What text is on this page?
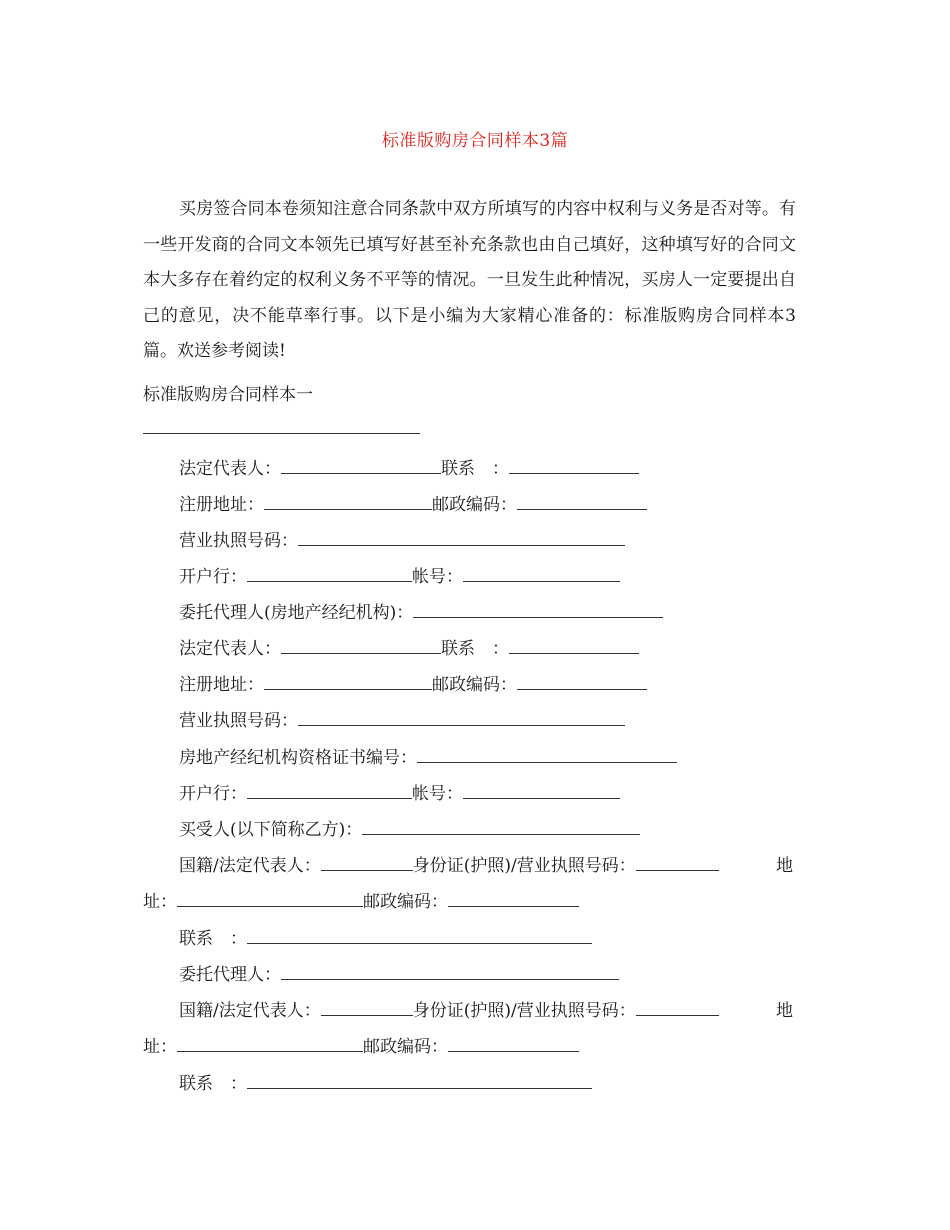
标准版购房合同样本3篇

买房签合同本卷须知注意合同条款中双方所填写的内容中权利与义务是否对等。有一些开发商的合同文本领先已填写好甚至补充条款也由自己填好，这种填写好的合同文本大多存在着约定的权利义务不平等的情况。一旦发生此种情况，买房人一定要提出自己的意见，决不能草率行事。以下是小编为大家精心准备的：标准版购房合同样本3篇。欢送参考阅读!

标准版购房合同样本一
法定代表人：	联系　：
注册地址：	邮政编码：
营业执照号码：
开户行：	帐号：
委托代理人(房地产经纪机构)：
法定代表人：	联系　：
注册地址：	邮政编码：
营业执照号码：
房地产经纪机构资格证书编号：
开户行：	帐号：
买受人(以下简称乙方)：
国籍/法定代表人：	身份证(护照)/营业执照号码：	地
址：	邮政编码：
联系　：
委托代理人：
国籍/法定代表人：	身份证(护照)/营业执照号码：	地
址：	邮政编码：
联系　：
